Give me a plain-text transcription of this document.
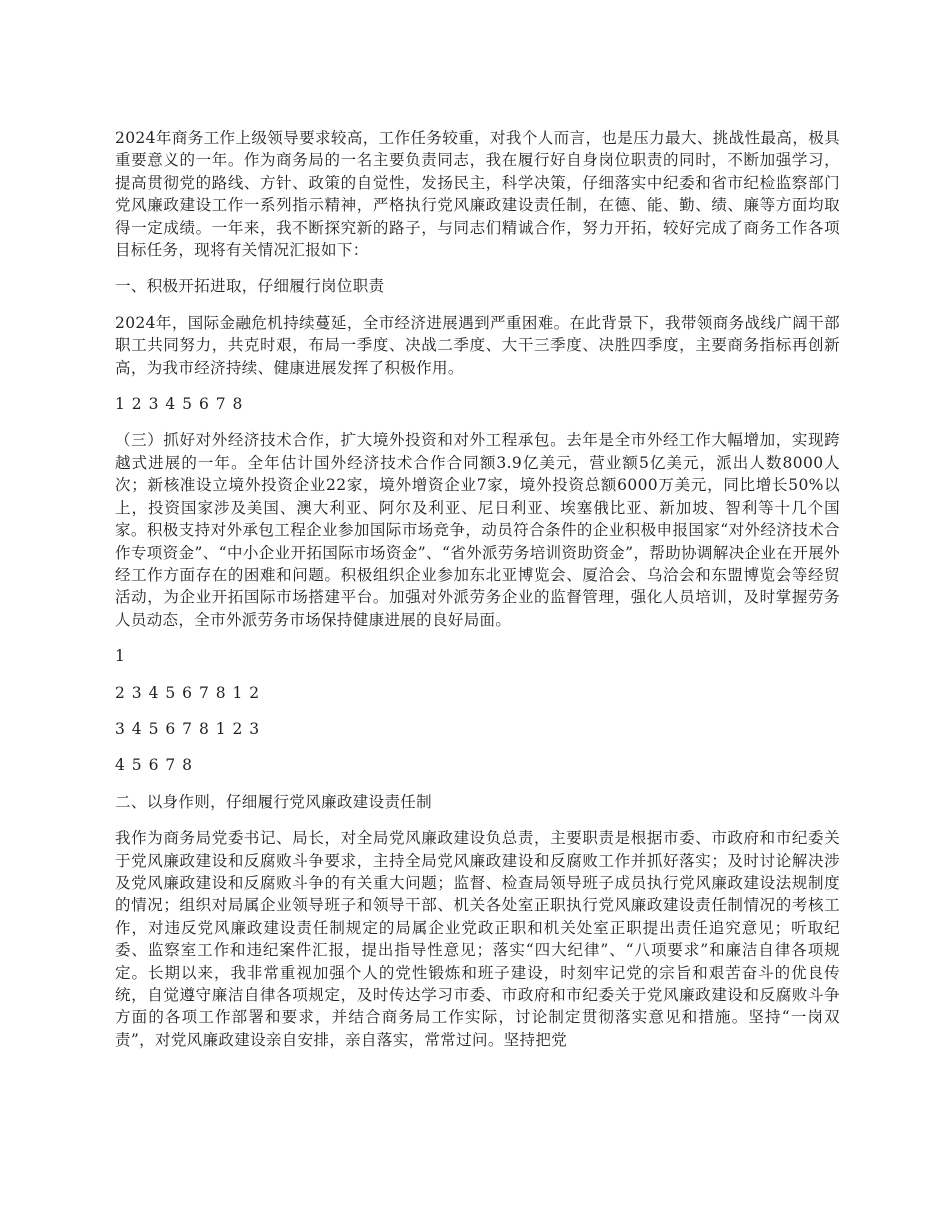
2024年商务工作上级领导要求较高，工作任务较重，对我个人而言，也是压力最大、挑战性最高，极具重要意义的一年。作为商务局的一名主要负责同志，我在履行好自身岗位职责的同时，不断加强学习，提高贯彻党的路线、方针、政策的自觉性，发扬民主，科学决策，仔细落实中纪委和省市纪检监察部门党风廉政建设工作一系列指示精神，严格执行党风廉政建设责任制，在德、能、勤、绩、廉等方面均取得一定成绩。一年来，我不断探究新的路子，与同志们精诚合作，努力开拓，较好完成了商务工作各项目标任务，现将有关情况汇报如下：

一、积极开拓进取，仔细履行岗位职责

2024年，国际金融危机持续蔓延，全市经济进展遇到严重困难。在此背景下，我带领商务战线广阔干部职工共同努力，共克时艰，布局一季度、决战二季度、大干三季度、决胜四季度，主要商务指标再创新高，为我市经济持续、健康进展发挥了积极作用。

1 2 3 4 5 6 7 8

（三）抓好对外经济技术合作，扩大境外投资和对外工程承包。去年是全市外经工作大幅增加，实现跨越式进展的一年。全年估计国外经济技术合作合同额3.9亿美元，营业额5亿美元，派出人数8000人次；新核准设立境外投资企业22家，境外增资企业7家，境外投资总额6000万美元，同比增长50%以上，投资国家涉及美国、澳大利亚、阿尔及利亚、尼日利亚、埃塞俄比亚、新加坡、智利等十几个国家。积极支持对外承包工程企业参加国际市场竞争，动员符合条件的企业积极申报国家“对外经济技术合作专项资金”、“中小企业开拓国际市场资金”、“省外派劳务培训资助资金”，帮助协调解决企业在开展外经工作方面存在的困难和问题。积极组织企业参加东北亚博览会、厦洽会、乌洽会和东盟博览会等经贸活动，为企业开拓国际市场搭建平台。加强对外派劳务企业的监督管理，强化人员培训，及时掌握劳务人员动态，全市外派劳务市场保持健康进展的良好局面。

1

2 3 4 5 6 7 8 1 2

3 4 5 6 7 8 1 2 3

4 5 6 7 8

二、以身作则，仔细履行党风廉政建设责任制

我作为商务局党委书记、局长，对全局党风廉政建设负总责，主要职责是根据市委、市政府和市纪委关于党风廉政建设和反腐败斗争要求，主持全局党风廉政建设和反腐败工作并抓好落实；及时讨论解决涉及党风廉政建设和反腐败斗争的有关重大问题；监督、检查局领导班子成员执行党风廉政建设法规制度的情况；组织对局属企业领导班子和领导干部、机关各处室正职执行党风廉政建设责任制情况的考核工作，对违反党风廉政建设责任制规定的局属企业党政正职和机关处室正职提出责任追究意见；听取纪委、监察室工作和违纪案件汇报，提出指导性意见；落实“四大纪律”、“八项要求”和廉洁自律各项规定。长期以来，我非常重视加强个人的党性锻炼和班子建设，时刻牢记党的宗旨和艰苦奋斗的优良传统，自觉遵守廉洁自律各项规定，及时传达学习市委、市政府和市纪委关于党风廉政建设和反腐败斗争方面的各项工作部署和要求，并结合商务局工作实际，讨论制定贯彻落实意见和措施。坚持“一岗双责”，对党风廉政建设亲自安排，亲自落实，常常过问。坚持把党
